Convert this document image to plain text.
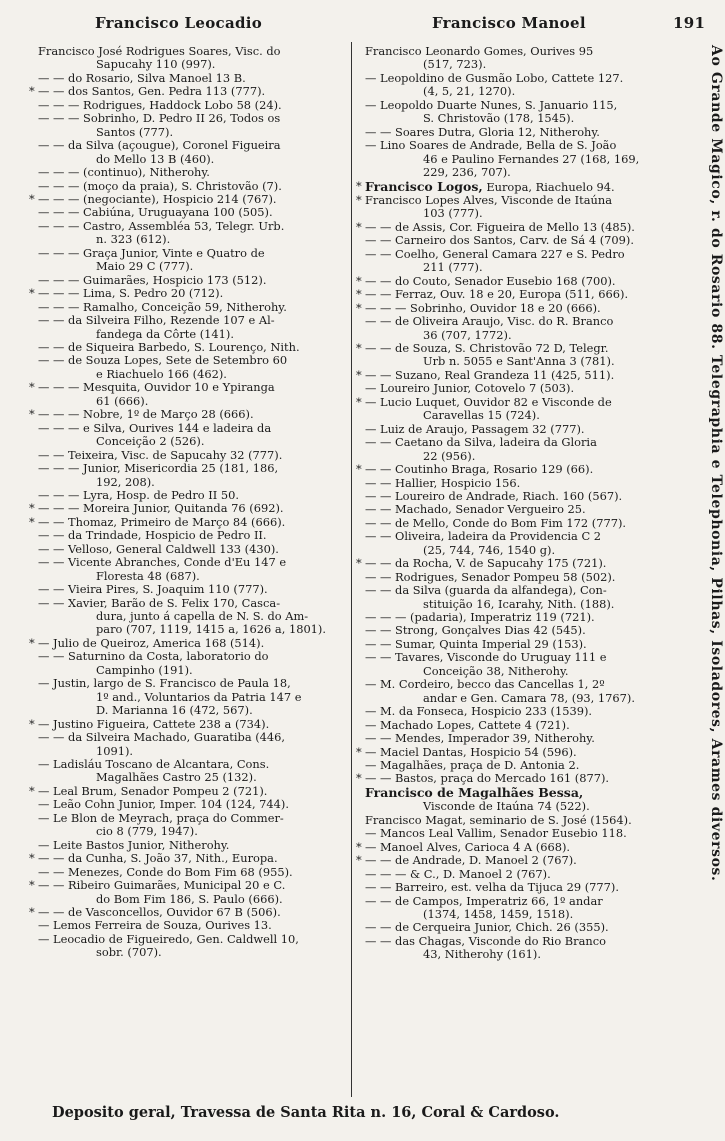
Francisco Leocadio	Francisco Manoel	191
Francisco José Rodrigues Soares, Visc. do
Sapucahy 110 (997).
— — do Rosario, Silva Manoel 13 B.
* — — dos Santos, Gen. Pedra 113 (777).
— — — Rodrigues, Haddock Lobo 58 (24).
— — — Sobrinho, D. Pedro II 26, Todos os
Santos (777).
— — da Silva (açougue), Coronel Figueira
do Mello 13 B (460).
— — — (continuo), Nitherohy.
— — — (moço da praia), S. Christovão (7).
* — — — (negociante), Hospicio 214 (767).
— — — Cabiúna, Uruguayana 100 (505).
— — — Castro, Assembléa 53, Telegr. Urb.
n. 323 (612).
— — — Graça Junior, Vinte e Quatro de
Maio 29 C (777).
— — — Guimarães, Hospicio 173 (512).
* — — — Lima, S. Pedro 20 (712).
— — — Ramalho, Conceição 59, Nitherohy.
— — da Silveira Filho, Rezende 107 e Al-
fandega da Côrte (141).
— — de Siqueira Barbedo, S. Lourenço, Nith.
— — de Souza Lopes, Sete de Setembro 60
e Riachuelo 166 (462).
* — — — Mesquita, Ouvidor 10 e Ypiranga
61 (666).
* — — — Nobre, 1º de Março 28 (666).
— — — e Silva, Ourives 144 e ladeira da
Conceição 2 (526).
— — Teixeira, Visc. de Sapucahy 32 (777).
— — — Junior, Misericordia 25 (181, 186,
192, 208).
— — — Lyra, Hosp. de Pedro II 50.
* — — — Moreira Junior, Quitanda 76 (692).
* — — Thomaz, Primeiro de Março 84 (666).
— — da Trindade, Hospicio de Pedro II.
— — Velloso, General Caldwell 133 (430).
— — Vicente Abranches, Conde d'Eu 147 e
Floresta 48 (687).
— — Vieira Pires, S. Joaquim 110 (777).
— — Xavier, Barão de S. Felix 170, Casca-
dura, junto á capella de N. S. do Am-
paro (707, 1119, 1415 a, 1626 a, 1801).
* — Julio de Queiroz, America 168 (514).
— — Saturnino da Costa, laboratorio do
Campinho (191).
— Justin, largo de S. Francisco de Paula 18,
1º and., Voluntarios da Patria 147 e
D. Marianna 16 (472, 567).
* — Justino Figueira, Cattete 238 a (734).
— — da Silveira Machado, Guaratiba (446,
1091).
— Ladisláu Toscano de Alcantara, Cons.
Magalhães Castro 25 (132).
* — Leal Brum, Senador Pompeu 2 (721).
— Leão Cohn Junior, Imper. 104 (124, 744).
— Le Blon de Meyrach, praça do Commer-
cio 8 (779, 1947).
— Leite Bastos Junior, Nitherohy.
* — — da Cunha, S. João 37, Nith., Europa.
— — Menezes, Conde do Bom Fim 68 (955).
* — — Ribeiro Guimarães, Municipal 20 e C.
do Bom Fim 186, S. Paulo (666).
* — — de Vasconcellos, Ouvidor 67 B (506).
— Lemos Ferreira de Souza, Ourives 13.
— Leocadio de Figueiredo, Gen. Caldwell 10,
sobr. (707).
Francisco Leonardo Gomes, Ourives 95
(517, 723).
— Leopoldino de Gusmão Lobo, Cattete 127.
(4, 5, 21, 1270).
— Leopoldo Duarte Nunes, S. Januario 115,
S. Christovão (178, 1545).
— — Soares Dutra, Gloria 12, Nitherohy.
— Lino Soares de Andrade, Bella de S. João
46 e Paulino Fernandes 27 (168, 169,
229, 236, 707).
* Francisco Logos, Europa, Riachuelo 94.
* Francisco Lopes Alves, Visconde de Itaúna
103 (777).
* — — de Assis, Cor. Figueira de Mello 13 (485).
— — Carneiro dos Santos, Carv. de Sá 4 (709).
— — Coelho, General Camara 227 e S. Pedro
211 (777).
* — — do Couto, Senador Eusebio 168 (700).
* — — Ferraz, Ouv. 18 e 20, Europa (511, 666).
* — — — Sobrinho, Ouvidor 18 e 20 (666).
— — de Oliveira Araujo, Visc. do R. Branco
36 (707, 1772).
* — — de Souza, S. Christovão 72 D, Telegr.
Urb n. 5055 e Sant'Anna 3 (781).
* — — Suzano, Real Grandeza 11 (425, 511).
— Loureiro Junior, Cotovelo 7 (503).
* — Lucio Luquet, Ouvidor 82 e Visconde de
Caravellas 15 (724).
— Luiz de Araujo, Passagem 32 (777).
— — Caetano da Silva, ladeira da Gloria
22 (956).
* — — Coutinho Braga, Rosario 129 (66).
— — Hallier, Hospicio 156.
— — Loureiro de Andrade, Riach. 160 (567).
— — Machado, Senador Vergueiro 25.
— — de Mello, Conde do Bom Fim 172 (777).
— — Oliveira, ladeira da Providencia C 2
(25, 744, 746, 1540 g).
* — — da Rocha, V. de Sapucahy 175 (721).
— — Rodrigues, Senador Pompeu 58 (502).
— — da Silva (guarda da alfandega), Con-
stituição 16, Icarahy, Nith. (188).
— — — (padaria), Imperatriz 119 (721).
— — Strong, Gonçalves Dias 42 (545).
— — Sumar, Quinta Imperial 29 (153).
— — Tavares, Visconde do Uruguay 111 e
Conceição 38, Nitherohy.
— M. Cordeiro, becco das Cancellas 1, 2º
andar e Gen. Camara 78, (93, 1767).
— M. da Fonseca, Hospicio 233 (1539).
— Machado Lopes, Cattete 4 (721).
— — Mendes, Imperador 39, Nitherohy.
* — Maciel Dantas, Hospicio 54 (596).
— Magalhães, praça de D. Antonia 2.
* — — Bastos, praça do Mercado 161 (877).
Francisco de Magalhães Bessa,
Visconde de Itaúna 74 (522).
Francisco Magat, seminario de S. José (1564).
— Mancos Leal Vallim, Senador Eusebio 118.
* — Manoel Alves, Carioca 4 A (668).
* — — de Andrade, D. Manoel 2 (767).
— — — & C., D. Manoel 2 (767).
— — Barreiro, est. velha da Tijuca 29 (777).
— — de Campos, Imperatriz 66, 1º andar
(1374, 1458, 1459, 1518).
— — de Cerqueira Junior, Chich. 26 (355).
— — das Chagas, Visconde do Rio Branco
43, Nitherohy (161).
Ao Grande Magico, r. do Rosario 88. Telegraphia e Telephonia, Pilhas, Isoladores, Arames diversos.
Deposito geral, Travessa de Santa Rita n. 16, Coral & Cardoso.
